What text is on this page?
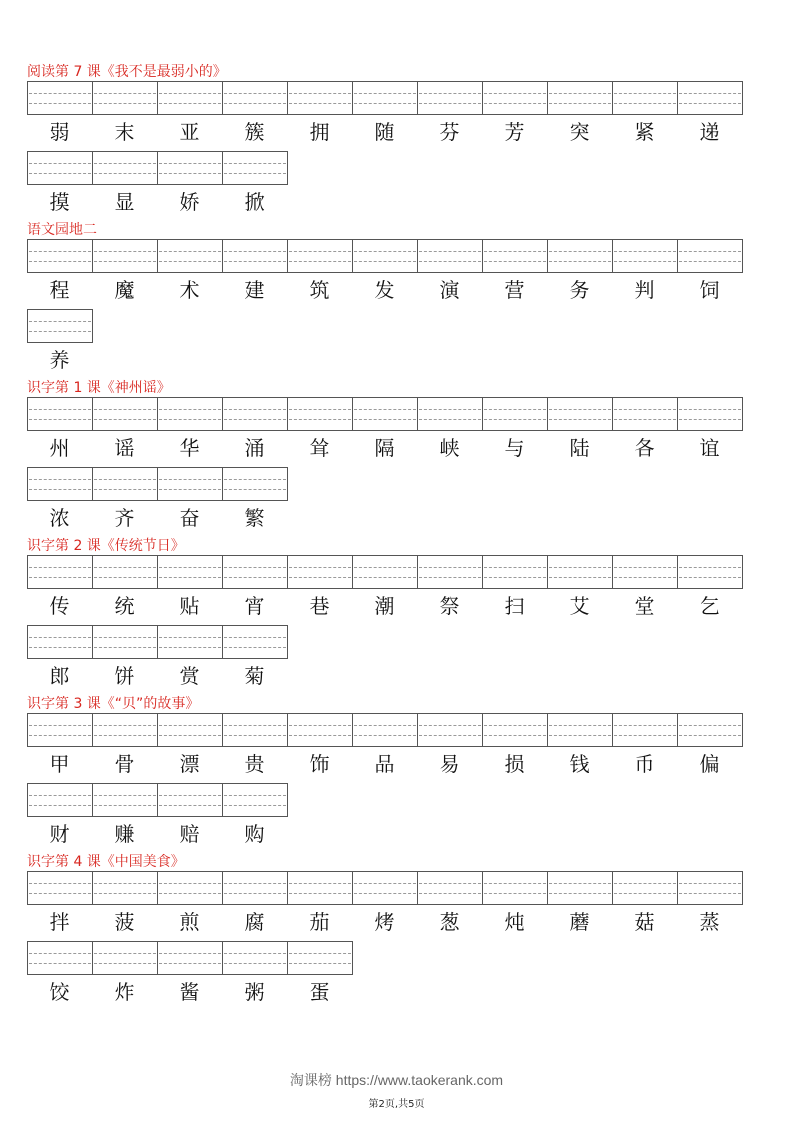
阅读第 7 课《我不是最弱小的》
弱	末	亚	簇	拥	随	芬	芳	突	紧	递
摸	显	娇	掀
语文园地二
程	魔	术	建	筑	发	演	营	务	判	饲
养
识字第 1 课《神州谣》
州	谣	华	涌	耸	隔	峡	与	陆	各	谊
浓	齐	奋	繁
识字第 2 课《传统节日》
传	统	贴	宵	巷	潮	祭	扫	艾	堂	乞
郎	饼	赏	菊
识字第 3 课《“贝”的故事》
甲	骨	漂	贵	饰	品	易	损	钱	币	偏
财	赚	赔	购
识字第 4 课《中国美食》
拌	菠	煎	腐	茄	烤	葱	炖	蘑	菇	蒸
饺	炸	酱	粥	蛋
淘课榜 https://www.taokerank.com
第2页,共5页
